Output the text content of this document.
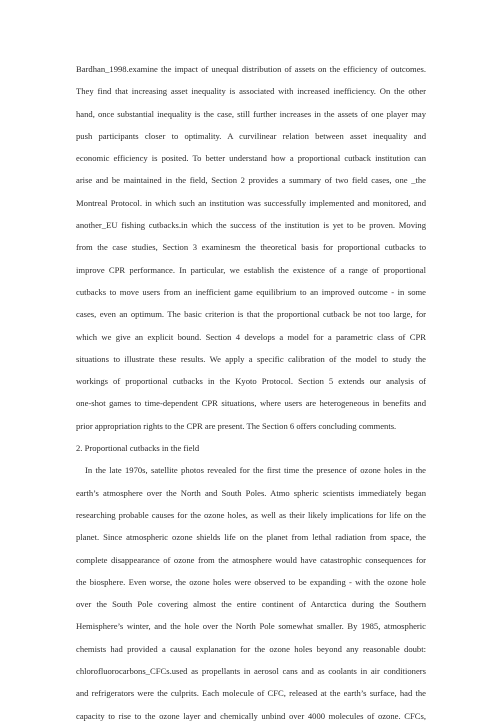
Bardhan_1998.examine the impact of unequal distribution of assets on the efficiency of outcomes.
They find that increasing asset inequality is associated with increased inefficiency. On the other
hand, once substantial inequality is the case, still further increases in the assets of one player may
push participants closer to optimality. A curvilinear relation between asset inequality and
economic efficiency is posited. To better understand how a proportional cutback institution can
arise and be maintained in the field, Section 2 provides a summary of two field cases, one _the
Montreal Protocol. in which such an institution was successfully implemented and monitored, and
another_EU fishing cutbacks.in which the success of the institution is yet to be proven. Moving
from the case studies, Section 3 examinesm the theoretical basis for proportional cutbacks to
improve CPR performance. In particular, we establish the existence of a range of proportional
cutbacks to move users from an inefficient game equilibrium to an improved outcome - in some
cases, even an optimum. The basic criterion is that the proportional cutback be not too large, for
which we give an explicit bound. Section 4 develops a model for a parametric class of CPR
situations to illustrate these results. We apply a specific calibration of the model to study the
workings of proportional cutbacks in the Kyoto Protocol. Section 5 extends our analysis of
one-shot games to time-dependent CPR situations, where users are heterogeneous in benefits and
prior appropriation rights to the CPR are present. The Section 6 offers concluding comments.
2. Proportional cutbacks in the field
In the late 1970s, satellite photos revealed for the first time the presence of ozone holes in the
earth’s atmosphere over the North and South Poles. Atmo spheric scientists immediately began
researching probable causes for the ozone holes, as well as their likely implications for life on the
planet. Since atmospheric ozone shields life on the planet from lethal radiation from space, the
complete disappearance of ozone from the atmosphere would have catastrophic consequences for
the biosphere. Even worse, the ozone holes were observed to be expanding - with the ozone hole
over the South Pole covering almost the entire continent of Antarctica during the Southern
Hemisphere’s winter, and the hole over the North Pole somewhat smaller. By 1985, atmospheric
chemists had provided a causal explanation for the ozone holes beyond any reasonable doubt:
chlorofluorocarbons_CFCs.used as propellants in aerosol cans and as coolants in air conditioners
and refrigerators were the culprits. Each molecule of CFC, released at the earth’s surface, had the
capacity to rise to the ozone layer and chemically unbind over 4000 molecules of ozone. CFCs,
